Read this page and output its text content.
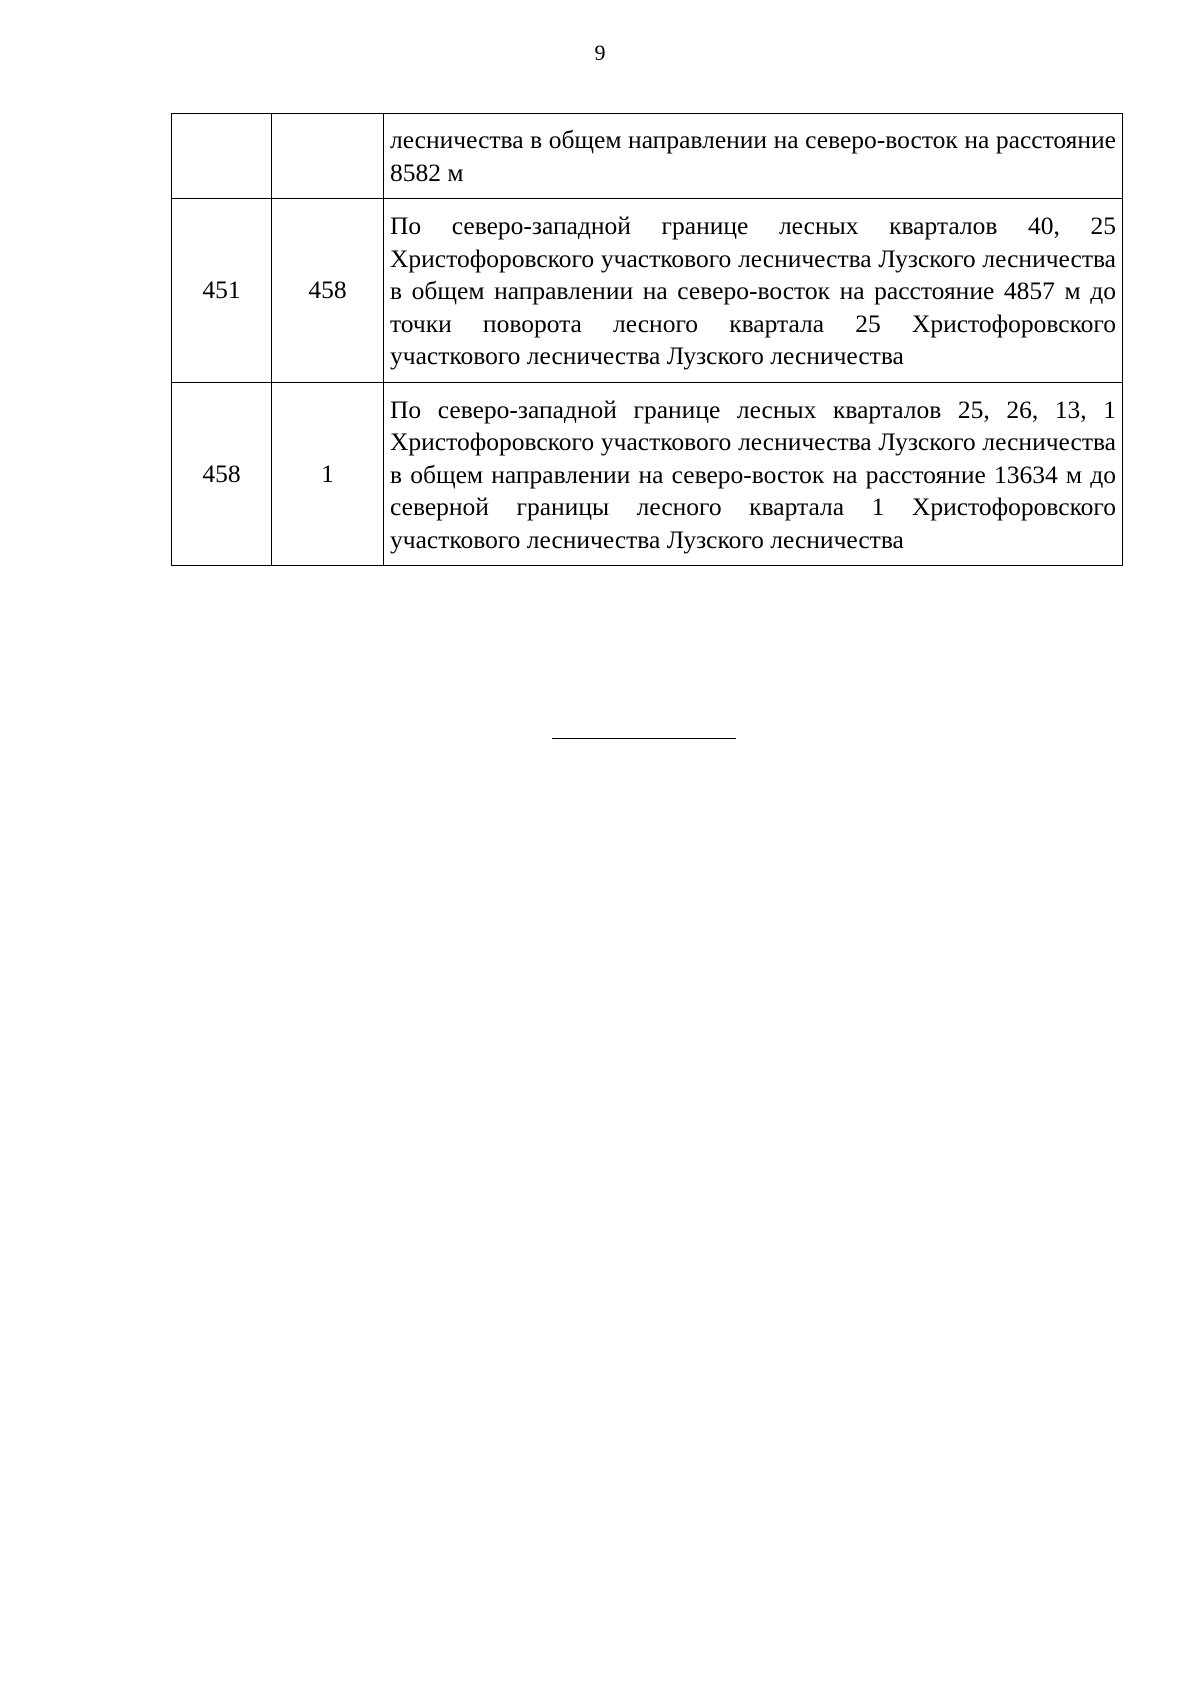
9
		лесничества в общем направлении на северо-восток на расстояние 8582 м
451	458	По северо-западной границе лесных кварталов 40, 25 Христофоровского участкового лесничества Лузского лесничества в общем направлении на северо-восток на расстояние 4857 м до точки поворота лесного квартала 25 Христофоровского участкового лесничества Лузского лесничества
458	1	По северо-западной границе лесных кварталов 25, 26, 13, 1 Христофоровского участкового лесничества Лузского лесничества в общем направлении на северо-восток на расстояние 13634 м до северной границы лесного квартала 1 Христофоровского участкового лесничества Лузского лесничества
